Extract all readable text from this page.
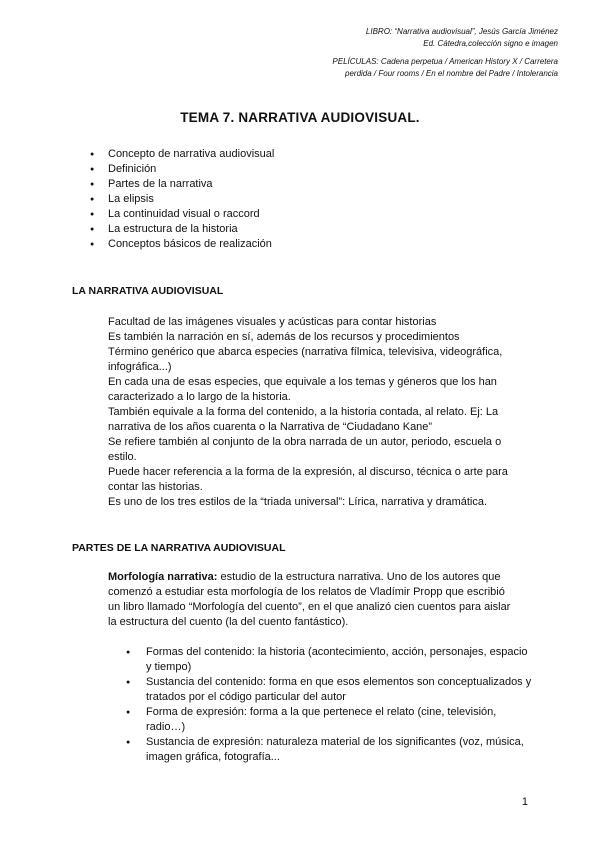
LIBRO: “Narrativa audiovisual”, Jesús García Jiménez
Ed. Cátedra,colección signo e imagen
PELÍCULAS: Cadena perpetua / American History X / Carretera
perdida / Four rooms / En el nombre del Padre / Intolerancia
TEMA 7. NARRATIVA AUDIOVISUAL.
● Concepto de narrativa audiovisual
● Definición
● Partes de la narrativa
● La elipsis
● La continuidad visual o raccord
● La estructura de la historia
● Conceptos básicos de realización
LA NARRATIVA AUDIOVISUAL

Facultad de las imágenes visuales y acústicas para contar historias

Es también la narración en sí, además de los recursos y procedimientos

Término genérico que abarca especies (narrativa fílmica, televisiva, videográfica, infográfica...)

En cada una de esas especies, que equivale a los temas y géneros que los han caracterizado a lo largo de la historia.

También equivale a la forma del contenido, a la historia contada, al relato. Ej: La narrativa de los años cuarenta o la Narrativa de “Ciudadano Kane”

Se refiere también al conjunto de la obra narrada de un autor, periodo, escuela o estilo.

Puede hacer referencia a la forma de la expresión, al discurso, técnica o arte para contar las historias.

Es uno de los tres estilos de la “triada universal”: Lírica, narrativa y dramática.

PARTES DE LA NARRATIVA AUDIOVISUAL

Morfología narrativa: estudio de la estructura narrativa. Uno de los autores que comenzó a estudiar esta morfología de los relatos de Vladímir Propp que escribió un libro llamado “Morfología del cuento”, en el que analizó cien cuentos para aislar la estructura del cuento (la del cuento fantástico).

● Formas del contenido: la historia (acontecimiento, acción, personajes, espacio y tiempo)
● Sustancia del contenido: forma en que esos elementos son conceptualizados y tratados por el código particular del autor
● Forma de expresión: forma a la que pertenece el relato (cine, televisión, radio…)
● Sustancia de expresión: naturaleza material de los significantes (voz, música, imagen gráfica, fotografía...
1
